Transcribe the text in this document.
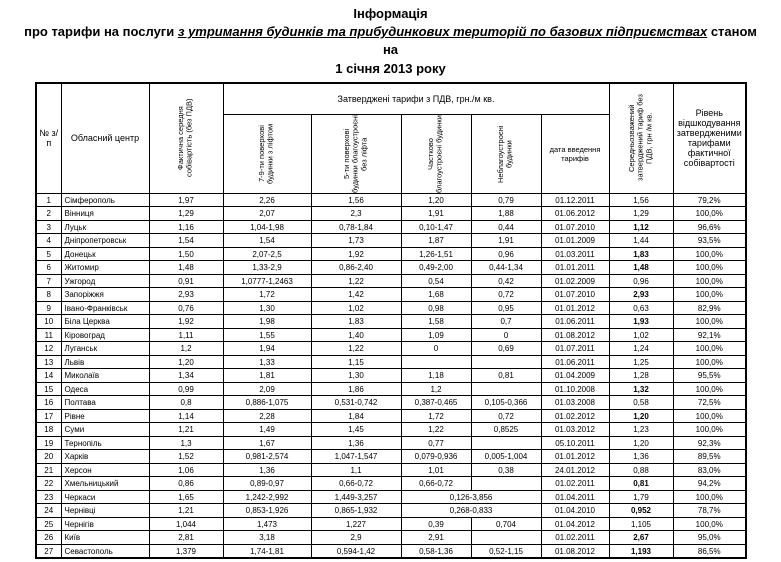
Інформація
про тарифи на послуги з утримання будинків та прибудинкових територій по базових підприємствах станом на
1 січня 2013 року
№ з/п	Обласний центр	Фактична середня собівартість (без ПДВ)	Затверджені тарифи з ПДВ, грн./м кв.					Середньозважений затверджений тариф без ПДВ, грн /м кв.	Рівень відшкодування затвердженими тарифами фактичної собівартості

			7-9-ти поверхові будинки з ліфтом	5-ти поверхові будинки благоустроєні без ліфта	Частково благоустроєні будинки	Неблагоустроєні будинки	дата введення тарифів		
1	Сімферополь	1,97	2,26	1,56	1,20	0,79	01.12.2011	1,56	79,2%
2	Вінниця	1,29	2,07	2,3	1,91	1,88	01.06.2012	1,29	100,0%
3	Луцьк	1,16	1,04-1,98	0,78-1,84	0,10-1,47	0,44	01.07.2010	1,12	96,6%
4	Дніпропетровськ	1,54	1,54	1,73	1,87	1,91	01.01.2009	1,44	93,5%
5	Донецьк	1,50	2,07-2,5	1,92	1,26-1,51	0,96	01.03.2011	1,83	100,0%
6	Житомир	1,48	1,33-2,9	0,86-2,40	0,49-2,00	0,44-1,34	01.01.2011	1,48	100,0%
7	Ужгород	0,91	1,0777-1,2463	1,22	0,54	0,42	01.02.2009	0,96	100,0%
8	Запоріжжя	2,93	1,72	1,42	1,68	0,72	01.07.2010	2,93	100,0%
9	Івано-Франківськ	0,76	1,30	1,02	0,98	0,95	01.01.2012	0,63	82,9%
10	Біла Церква	1,92	1,98	1,83	1,58	0,7	01.06.2011	1,93	100,0%
11	Кіровоград	1,11	1,55	1,40	1,09	0	01.08.2012	1,02	92,1%
12	Луганськ	1,2	1,94	1,22	0	0,69	01.07.2011	1,24	100,0%
13	Львів	1,20	1,33	1,15			01.06.2011	1,25	100,0%
14	Миколаїв	1,34	1,81	1,30	1,18	0,81	01.04.2009	1,28	95,5%
15	Одеса	0,99	2,09	1,86	1,2		01.10.2008	1,32	100,0%
16	Полтава	0,8	0,886-1,075	0,531-0,742	0,387-0,465	0,105-0,366	01.03.2008	0,58	72,5%
17	Рівне	1,14	2,28	1,84	1,72	0,72	01.02.2012	1,20	100,0%
18	Суми	1,21	1,49	1,45	1,22	0,8525	01.03.2012	1,23	100,0%
19	Тернопіль	1,3	1,67	1,36	0,77		05.10.2011	1,20	92,3%
20	Харків	1,52	0,981-2,574	1,047-1,547	0,079-0,936	0,005-1,004	01.01.2012	1,36	89,5%
21	Херсон	1,06	1,36	1,1	1,01	0,38	24.01.2012	0,88	83,0%
22	Хмельницький	0,86	0,89-0,97	0,66-0,72	0,66-0,72		01.02.2011	0,81	94,2%
23	Черкаси	1,65	1,242-2,992	1,449-3,257	0,126-3,856		01.04.2011	1,79	100,0%
24	Чернівці	1,21	0,853-1,926	0,865-1,932	0,268-0,833		01.04.2010	0,952	78,7%
25	Чернігів	1,044	1,473	1,227	0,39	0,704	01.04.2012	1,105	100,0%
26	Київ	2,81	3,18	2,9	2,91		01.02.2011	2,67	95,0%
27	Севастополь	1,379	1,74-1,81	0,594-1,42	0,58-1,36	0,52-1,15	01.08.2012	1,193	86,5%
